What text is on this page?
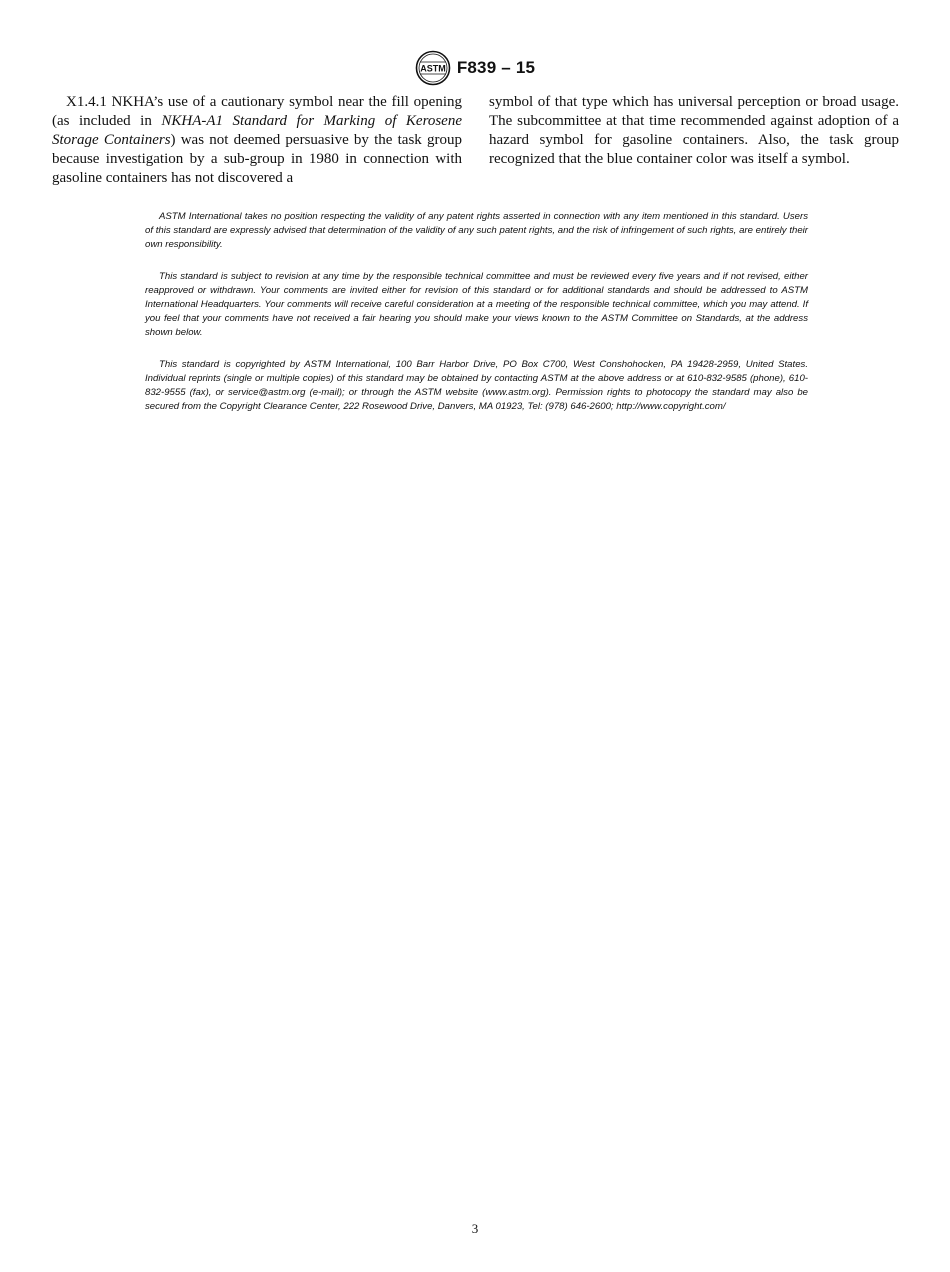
ASTM F839 – 15

X1.4.1 NKHA’s use of a cautionary symbol near the fill opening (as included in NKHA-A1 Standard for Marking of Kerosene Storage Containers) was not deemed persuasive by the task group because investigation by a sub-group in 1980 in connection with gasoline containers has not discovered a

symbol of that type which has universal perception or broad usage. The subcommittee at that time recommended against adoption of a hazard symbol for gasoline containers. Also, the task group recognized that the blue container color was itself a symbol.

ASTM International takes no position respecting the validity of any patent rights asserted in connection with any item mentioned in this standard. Users of this standard are expressly advised that determination of the validity of any such patent rights, and the risk of infringement of such rights, are entirely their own responsibility.

This standard is subject to revision at any time by the responsible technical committee and must be reviewed every five years and if not revised, either reapproved or withdrawn. Your comments are invited either for revision of this standard or for additional standards and should be addressed to ASTM International Headquarters. Your comments will receive careful consideration at a meeting of the responsible technical committee, which you may attend. If you feel that your comments have not received a fair hearing you should make your views known to the ASTM Committee on Standards, at the address shown below.

This standard is copyrighted by ASTM International, 100 Barr Harbor Drive, PO Box C700, West Conshohocken, PA 19428-2959, United States. Individual reprints (single or multiple copies) of this standard may be obtained by contacting ASTM at the above address or at 610-832-9585 (phone), 610-832-9555 (fax), or service@astm.org (e-mail); or through the ASTM website (www.astm.org). Permission rights to photocopy the standard may also be secured from the Copyright Clearance Center, 222 Rosewood Drive, Danvers, MA 01923, Tel: (978) 646-2600; http://www.copyright.com/

3
